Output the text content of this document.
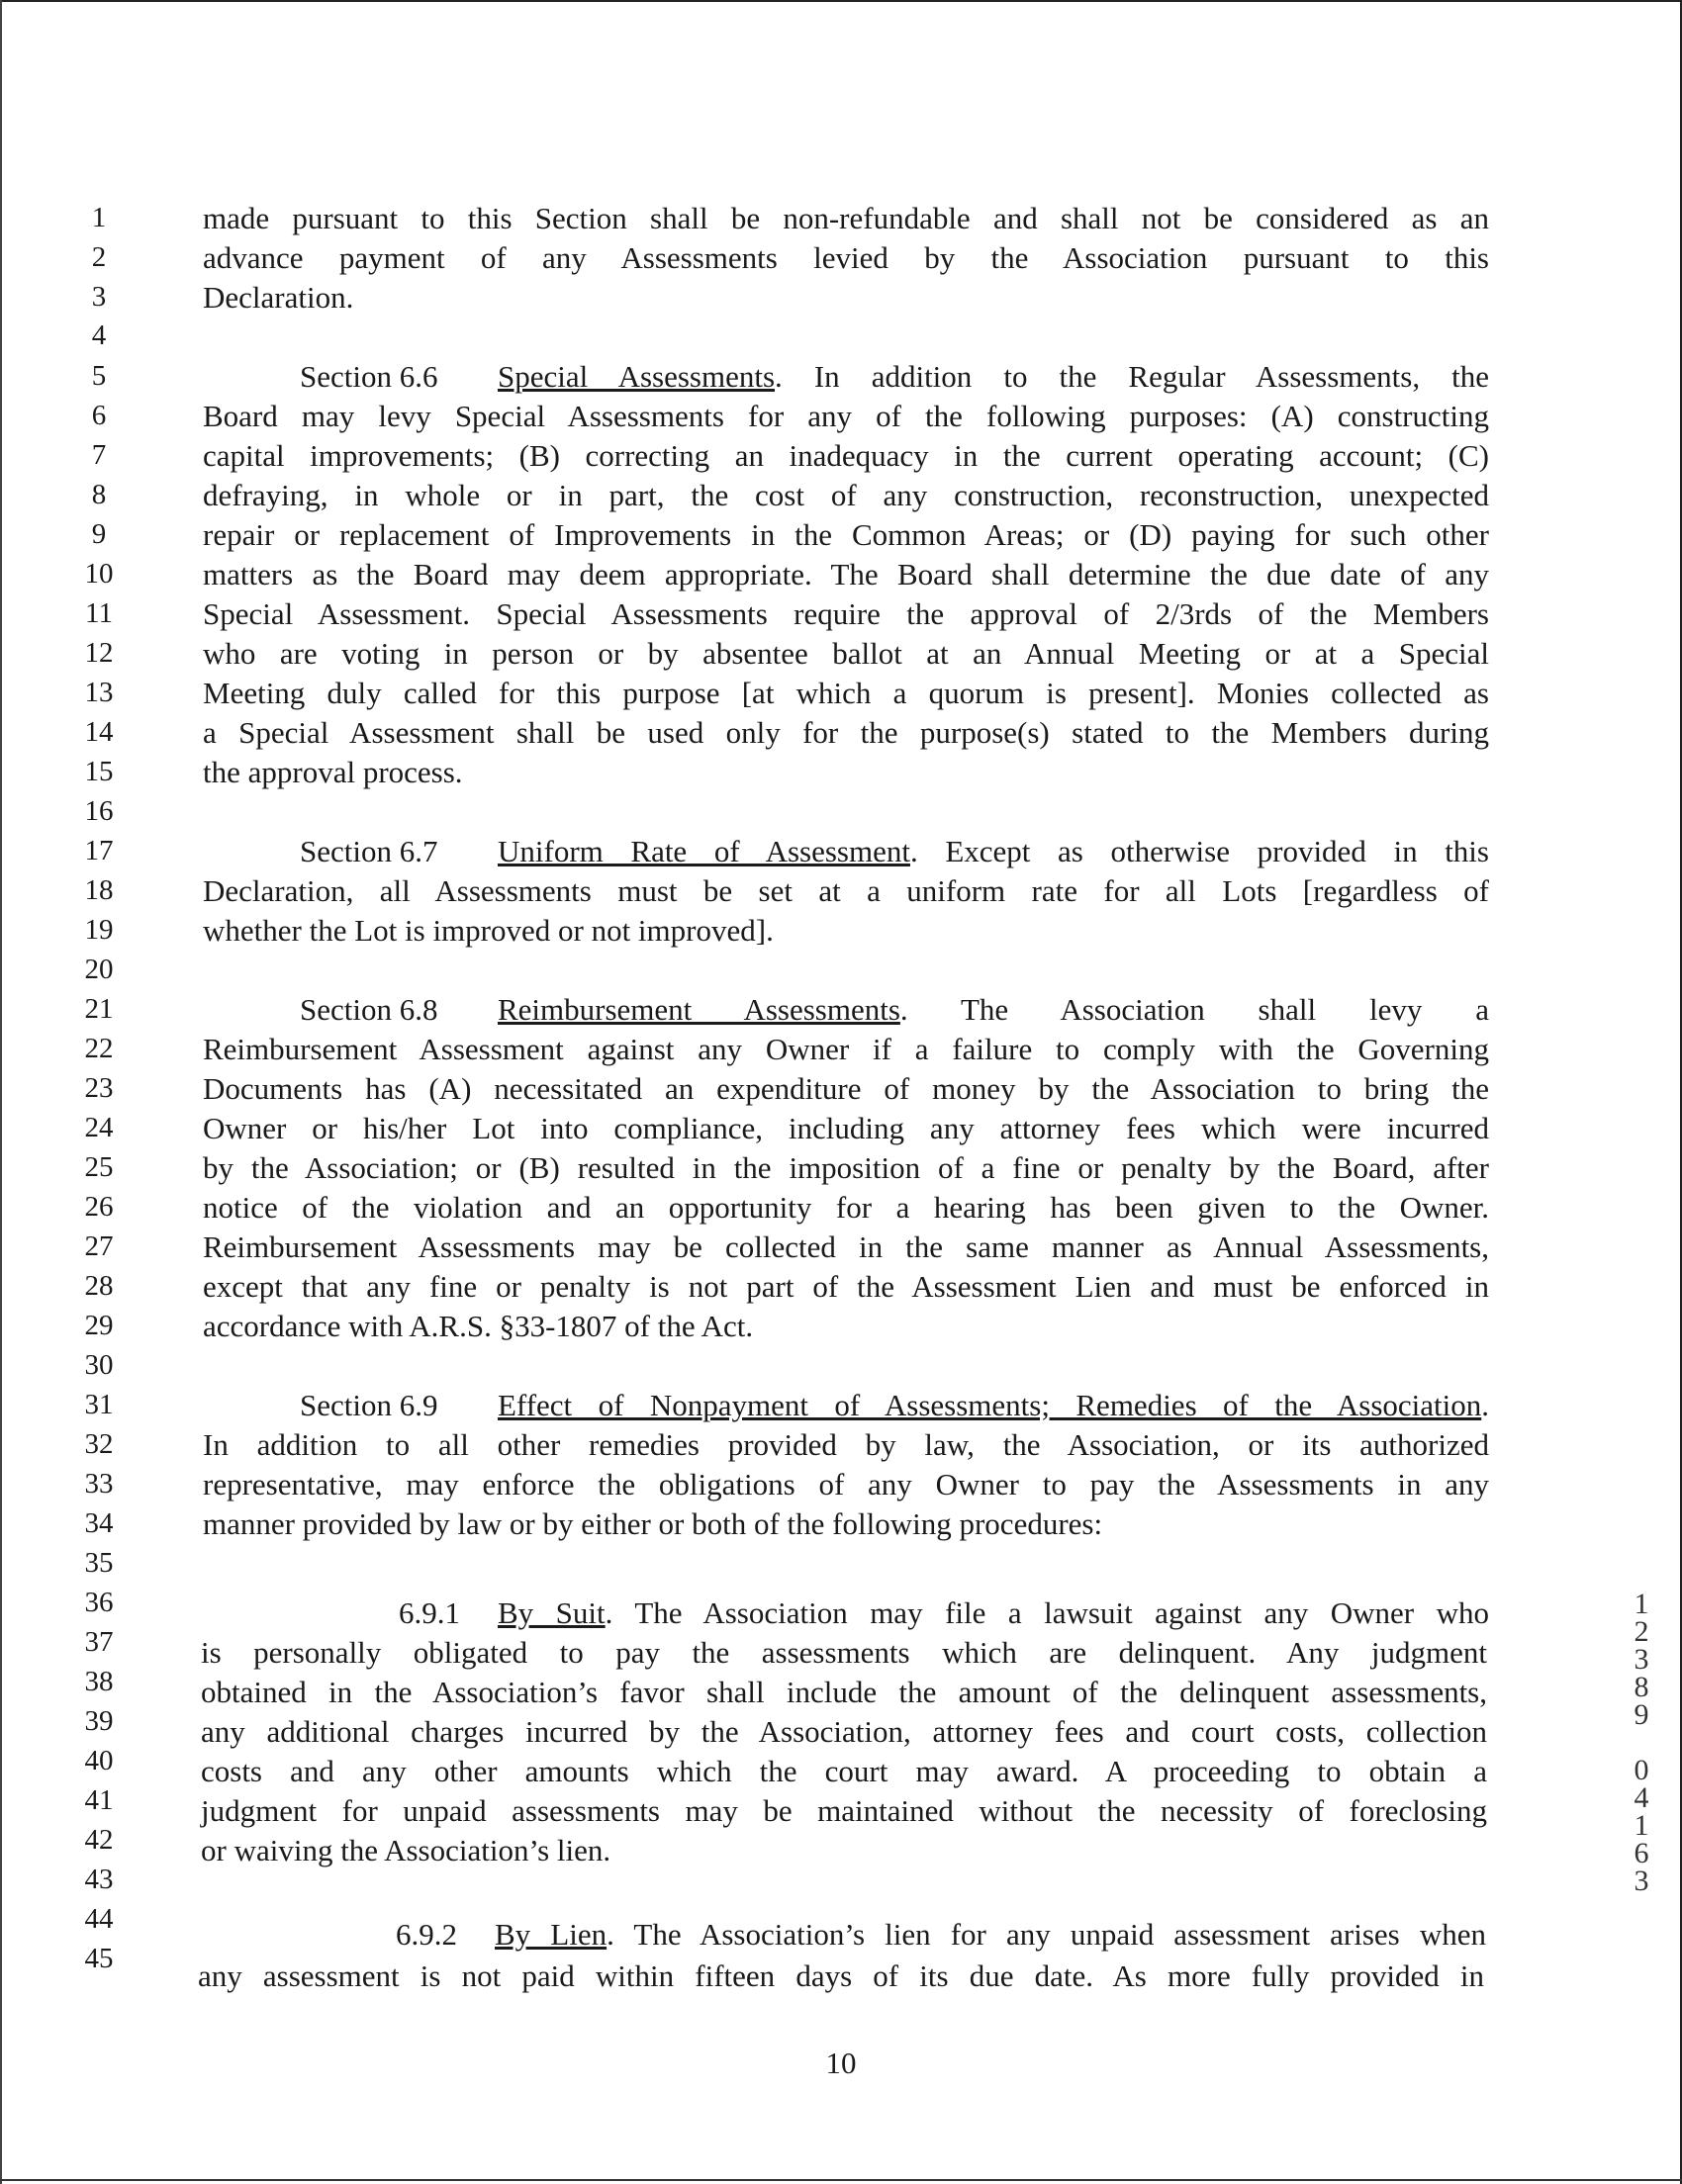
1
2
3
4
5
6
7
8
9
10
11
12
13
14
15
16
17
18
19
20
21
22
23
24
25
26
27
28
29
30
31
32
33
34
35
36
37
38
39
40
41
42
43
44
45
made pursuant to this Section shall be non-refundable and shall not be considered as an
advance payment of any Assessments levied by the Association pursuant to this
Declaration.
Section 6.6 Special Assessments. In addition to the Regular Assessments, the
Board may levy Special Assessments for any of the following purposes: (A) constructing
capital improvements; (B) correcting an inadequacy in the current operating account; (C)
defraying, in whole or in part, the cost of any construction, reconstruction, unexpected
repair or replacement of Improvements in the Common Areas; or (D) paying for such other
matters as the Board may deem appropriate. The Board shall determine the due date of any
Special Assessment. Special Assessments require the approval of 2/3rds of the Members
who are voting in person or by absentee ballot at an Annual Meeting or at a Special
Meeting duly called for this purpose [at which a quorum is present]. Monies collected as
a Special Assessment shall be used only for the purpose(s) stated to the Members during
the approval process.
Section 6.7 Uniform Rate of Assessment. Except as otherwise provided in this
Declaration, all Assessments must be set at a uniform rate for all Lots [regardless of
whether the Lot is improved or not improved].
Section 6.8 Reimbursement Assessments. The Association shall levy a
Reimbursement Assessment against any Owner if a failure to comply with the Governing
Documents has (A) necessitated an expenditure of money by the Association to bring the
Owner or his/her Lot into compliance, including any attorney fees which were incurred
by the Association; or (B) resulted in the imposition of a fine or penalty by the Board, after
notice of the violation and an opportunity for a hearing has been given to the Owner.
Reimbursement Assessments may be collected in the same manner as Annual Assessments,
except that any fine or penalty is not part of the Assessment Lien and must be enforced in
accordance with A.R.S. §33-1807 of the Act.
Section 6.9 Effect of Nonpayment of Assessments; Remedies of the Association.
In addition to all other remedies provided by law, the Association, or its authorized
representative, may enforce the obligations of any Owner to pay the Assessments in any
manner provided by law or by either or both of the following procedures:
6.9.1 By Suit. The Association may file a lawsuit against any Owner who
is personally obligated to pay the assessments which are delinquent. Any judgment
obtained in the Association’s favor shall include the amount of the delinquent assessments,
any additional charges incurred by the Association, attorney fees and court costs, collection
costs and any other amounts which the court may award. A proceeding to obtain a
judgment for unpaid assessments may be maintained without the necessity of foreclosing
or waiving the Association’s lien.
6.9.2 By Lien. The Association’s lien for any unpaid assessment arises when
any assessment is not paid within fifteen days of its due date. As more fully provided in
10
1
2
3
8
9
0
4
1
6
3
